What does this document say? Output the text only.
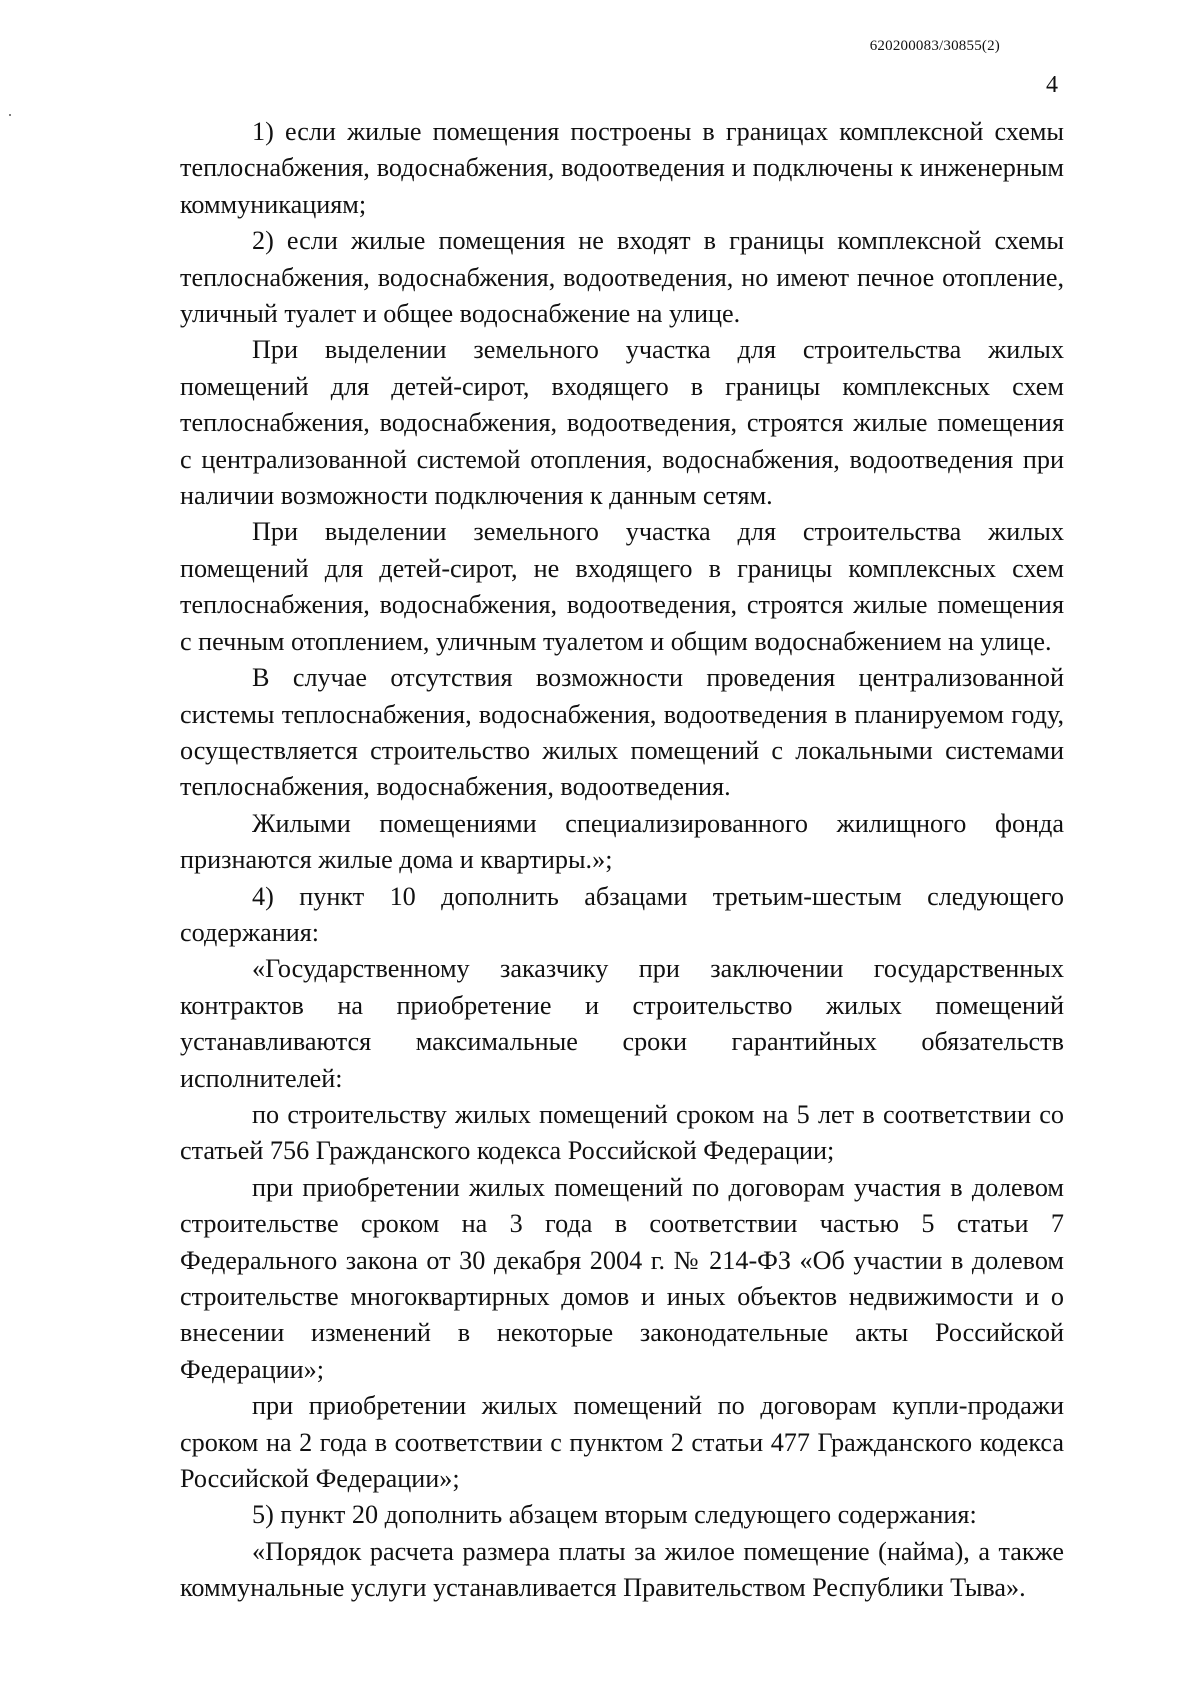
620200083/30855(2)
4

1) если жилые помещения построены в границах комплексной схемы теплоснабжения, водоснабжения, водоотведения и подключены к инженерным коммуникациям;

2) если жилые помещения не входят в границы комплексной схемы теплоснабжения, водоснабжения, водоотведения, но имеют печное отопление, уличный туалет и общее водоснабжение на улице.

При выделении земельного участка для строительства жилых помещений для детей-сирот, входящего в границы комплексных схем теплоснабжения, водоснабжения, водоотведения, строятся жилые помещения с централизованной системой отопления, водоснабжения, водоотведения при наличии возможности подключения к данным сетям.

При выделении земельного участка для строительства жилых помещений для детей-сирот, не входящего в границы комплексных схем теплоснабжения, водоснабжения, водоотведения, строятся жилые помещения с печным отоплением, уличным туалетом и общим водоснабжением на улице.

В случае отсутствия возможности проведения централизованной системы теплоснабжения, водоснабжения, водоотведения в планируемом году, осуществляется строительство жилых помещений с локальными системами теплоснабжения, водоснабжения, водоотведения.

Жилыми помещениями специализированного жилищного фонда признаются жилые дома и квартиры.»;

4) пункт 10 дополнить абзацами третьим-шестым следующего содержания:

«Государственному заказчику при заключении государственных контрактов на приобретение и строительство жилых помещений устанавливаются максимальные сроки гарантийных обязательств исполнителей:

по строительству жилых помещений сроком на 5 лет в соответствии со статьей 756 Гражданского кодекса Российской Федерации;

при приобретении жилых помещений по договорам участия в долевом строительстве сроком на 3 года в соответствии частью 5 статьи 7 Федерального закона от 30 декабря 2004 г. № 214-ФЗ «Об участии в долевом строительстве многоквартирных домов и иных объектов недвижимости и о внесении изменений в некоторые законодательные акты Российской Федерации»;

при приобретении жилых помещений по договорам купли-продажи сроком на 2 года в соответствии с пунктом 2 статьи 477 Гражданского кодекса Российской Федерации»;

5) пункт 20 дополнить абзацем вторым следующего содержания:

«Порядок расчета размера платы за жилое помещение (найма), а также коммунальные услуги устанавливается Правительством Республики Тыва».
